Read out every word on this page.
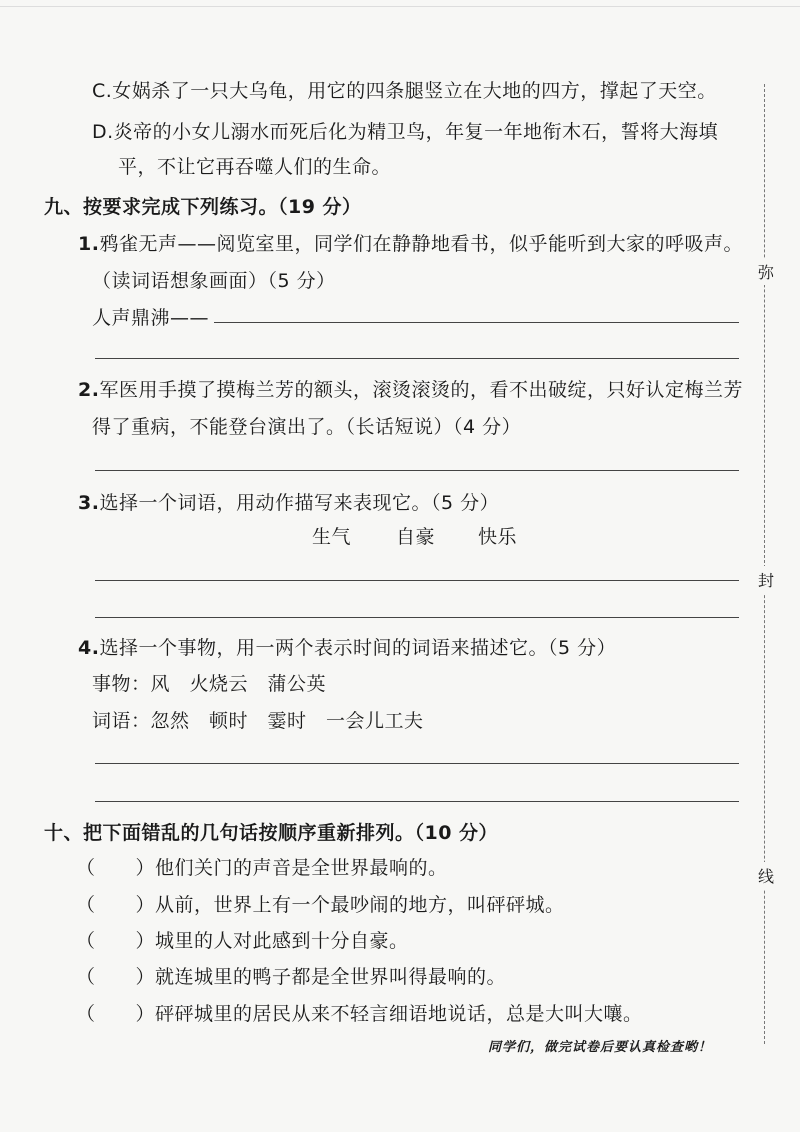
弥
封
线
C.女娲杀了一只大乌龟，用它的四条腿竖立在大地的四方，撑起了天空。
D.炎帝的小女儿溺水而死后化为精卫鸟，年复一年地衔木石，誓将大海填
平，不让它再吞噬人们的生命。
九、按要求完成下列练习。（19 分）
1.鸦雀无声——阅览室里，同学们在静静地看书，似乎能听到大家的呼吸声。
（读词语想象画面）（5 分）
人声鼎沸——
2.军医用手摸了摸梅兰芳的额头，滚烫滚烫的，看不出破绽，只好认定梅兰芳
得了重病，不能登台演出了。（长话短说）（4 分）
3.选择一个词语，用动作描写来表现它。（5 分）
生气 自豪 快乐
4.选择一个事物，用一两个表示时间的词语来描述它。（5 分）
事物：风　火烧云　蒲公英
词语：忽然　顿时　霎时　一会儿工夫
十、把下面错乱的几句话按顺序重新排列。（10 分）
（ ）他们关门的声音是全世界最响的。
（ ）从前，世界上有一个最吵闹的地方，叫砰砰城。
（ ）城里的人对此感到十分自豪。
（ ）就连城里的鸭子都是全世界叫得最响的。
（ ）砰砰城里的居民从来不轻言细语地说话，总是大叫大嚷。
同学们，做完试卷后要认真检查哟！
